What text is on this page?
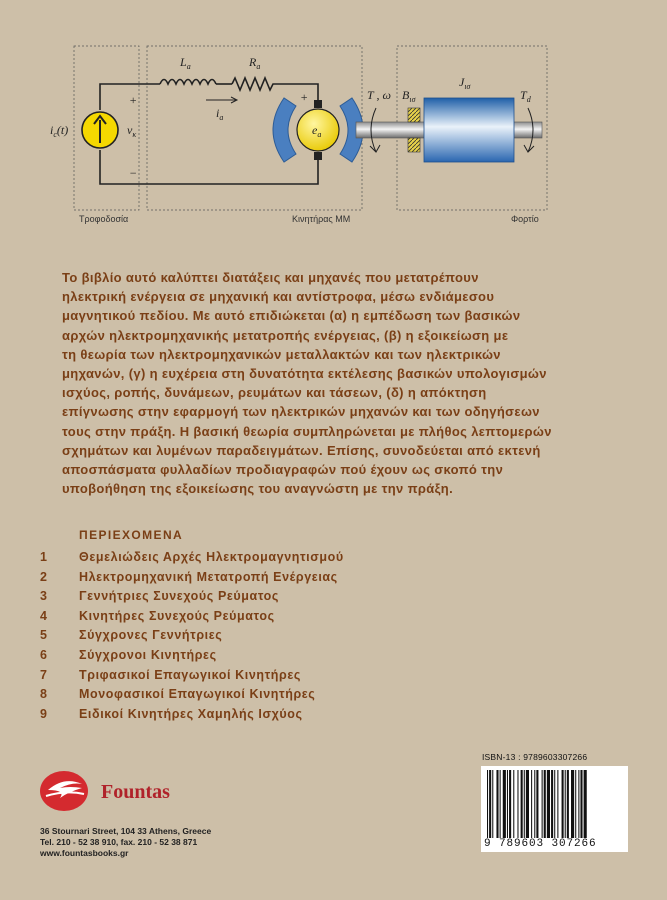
Τροφοδοσία	Κινητήρας ΜΜ	Φορτίο
$i_c(t)$	$v_\kappa$
+
−
$L_a$	$R_a$
$i_a$
+
$e_a$
T , ω $B_{\iota\sigma}$
$J_{\iota\sigma}$
$T_d$

Το βιβλίο αυτό καλύπτει διατάξεις και μηχανές που μετατρέπουν

ηλεκτρική ενέργεια σε μηχανική και αντίστροφα, μέσω ενδιάμεσου

μαγνητικού πεδίου. Με αυτό επιδιώκεται (α) η εμπέδωση των βασικών

αρχών ηλεκτρομηχανικής μετατροπής ενέργειας, (β) η εξοικείωση με

τη θεωρία των ηλεκτρομηχανικών μεταλλακτών και των ηλεκτρικών

μηχανών, (γ) η ευχέρεια στη δυνατότητα εκτέλεσης βασικών υπολογισμών

ισχύος, ροπής, δυνάμεων, ρευμάτων και τάσεων, (δ) η απόκτηση

επίγνωσης στην εφαρμογή των ηλεκτρικών μηχανών και των οδηγήσεων

τους στην πράξη. Η βασική θεωρία συμπληρώνεται με πλήθος λεπτομερών

σχημάτων και λυμένων παραδειγμάτων. Επίσης, συνοδεύεται από εκτενή

αποσπάσματα φυλλαδίων προδιαγραφών πού έχουν ως σκοπό την

υποβοήθηση της εξοικείωσης του αναγνώστη με την πράξη.

ΠΕΡΙΕΧΟΜΕΝΑ
1	Θεμελιώδεις Αρχές Ηλεκτρομαγνητισμού
2	Ηλεκτρομηχανική Μετατροπή Ενέργειας
3	Γεννήτριες Συνεχούς Ρεύματος
4	Κινητήρες Συνεχούς Ρεύματος
5	Σύγχρονες Γεννήτριες
6	Σύγχρονοι Κινητήρες
7	Τριφασικοί Επαγωγικοί Κινητήρες
8	Μονοφασικοί Επαγωγικοί Κινητήρες
9	Ειδικοί Κινητήρες Χαμηλής Ισχύος
Fountas
36 Stournari Street, 104 33 Athens, Greece
Tel. 210 - 52 38 910, fax. 210 - 52 38 871
www.fountasbooks.gr
ISBN-13 : 9789603307266
9 789603 307266
